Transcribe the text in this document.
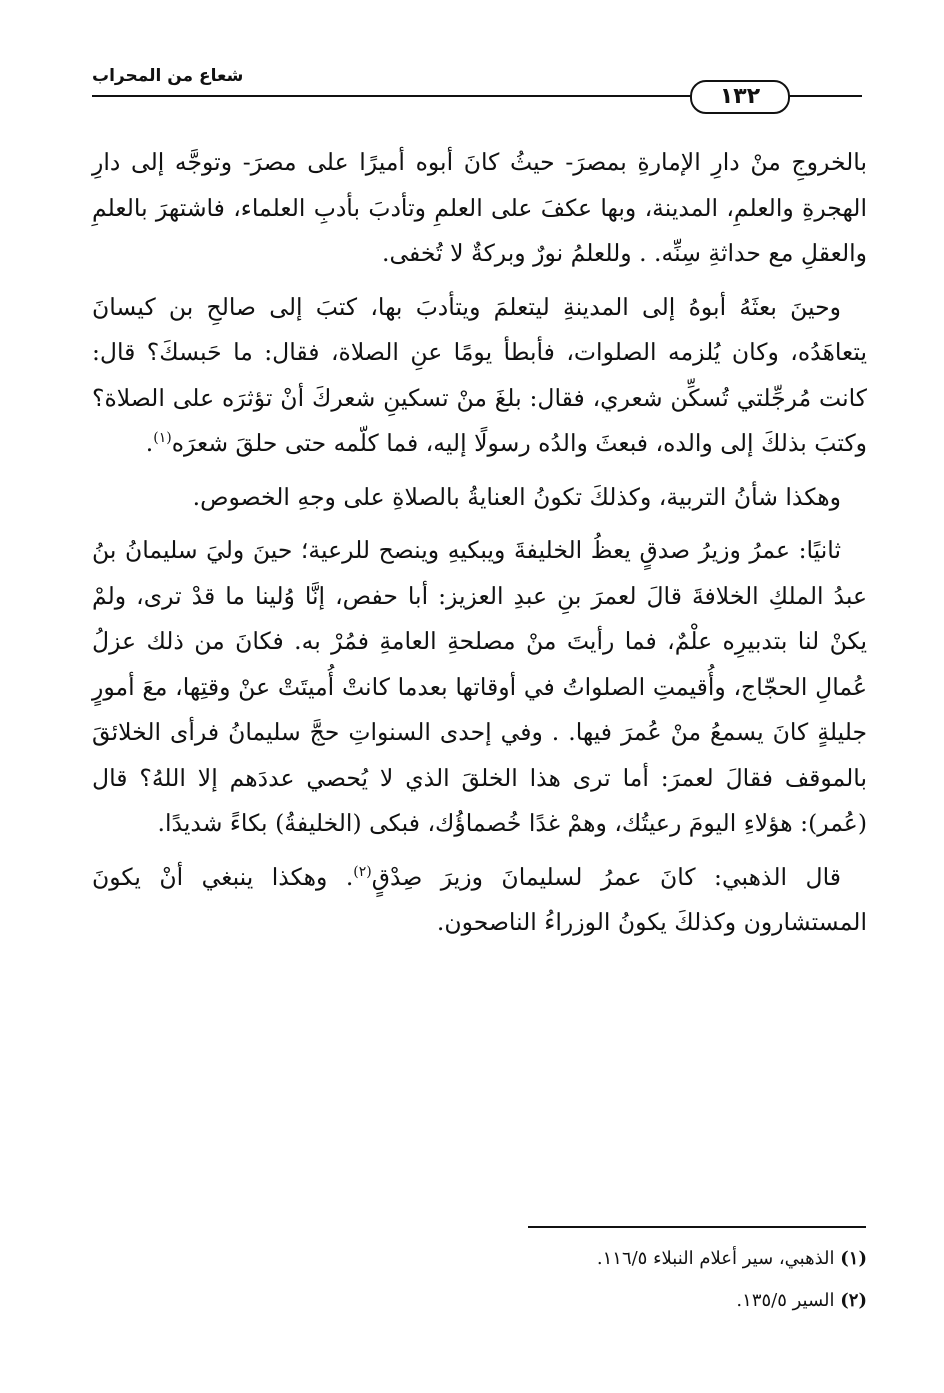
شعاع من المحراب
١٣٢

بالخروجِ منْ دارِ الإمارةِ بمصرَ- حيثُ كانَ أبوه أميرًا على مصرَ- وتوجَّه إلى دارِ الهجرةِ والعلمِ، المدينة، وبها عكفَ على العلمِ وتأدبَ بأدبِ العلماء، فاشتهرَ بالعلمِ والعقلِ مع حداثةِ سِنِّه. . وللعلمُ نورٌ وبركةٌ لا تُخفى.

وحينَ بعثَهُ أبوهُ إلى المدينةِ ليتعلمَ ويتأدبَ بها، كتبَ إلى صالحِ بن كيسانَ يتعاهَدُه، وكان يُلزمه الصلوات، فأبطأ يومًا عنِ الصلاة، فقال: ما حَبسكَ؟ قال: كانت مُرجِّلتي تُسكِّن شعري، فقال: بلغَ منْ تسكينِ شعركَ أنْ تؤثرَه على الصلاة؟ وكتبَ بذلكَ إلى والده، فبعثَ والدُه رسولًا إليه، فما كلّمه حتى حلقَ شعرَه$^{(١)}$.

وهكذا شأنُ التربية، وكذلكَ تكونُ العنايةُ بالصلاةِ على وجهِ الخصوص.

ثانيًا: عمرُ وزيرُ صدقٍ يعظُ الخليفةَ ويبكيهِ وينصح للرعية؛ حينَ وليَ سليمانُ بنُ عبدُ الملكِ الخلافةَ قالَ لعمرَ بنِ عبدِ العزيز: أبا حفص، إنَّا وُلينا ما قدْ ترى، ولمْ يكنْ لنا بتدبيرِه علْمٌ، فما رأيتَ منْ مصلحةِ العامةِ فمُرْ به. فكانَ من ذلك عزلُ عُمالِ الحجّاج، وأُقيمتِ الصلواتُ في أوقاتها بعدما كانتْ أُميتَتْ عنْ وقتِها، معَ أمورٍ جليلةٍ كانَ يسمعُ منْ عُمرَ فيها. . وفي إحدى السنواتِ حجَّ سليمانُ فرأى الخلائقَ بالموقف فقالَ لعمرَ: أما ترى هذا الخلقَ الذي لا يُحصي عددَهم إلا اللهُ؟ قال (عُمر): هؤلاءِ اليومَ رعيتُك، وهمْ غدًا خُصماؤُك، فبكى (الخليفةُ) بكاءً شديدًا.

قال الذهبي: كانَ عمرُ لسليمانَ وزيرَ صِدْقٍ$^{(٢)}$. وهكذا ينبغي أنْ يكونَ المستشارون وكذلكَ يكونُ الوزراءُ الناصحون.

(١) الذهبي، سير أعلام النبلاء ١١٦/٥.

(٢) السير ١٣٥/٥.
